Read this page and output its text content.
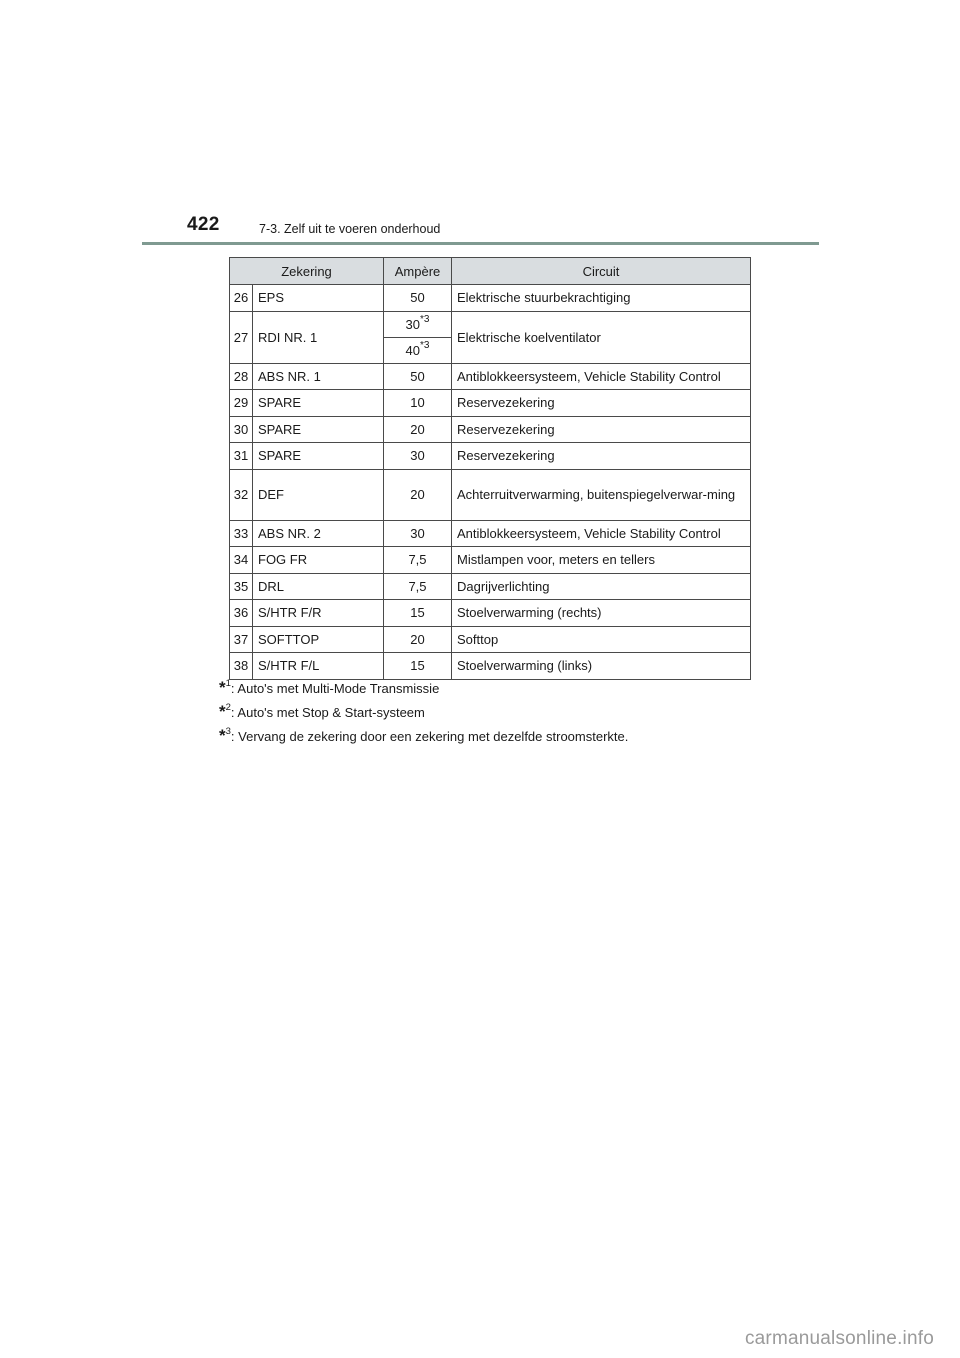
422	7-3. Zelf uit te voeren onderhoud
Zekering		Ampère	Circuit
26	EPS	50	Elektrische stuurbekrachtiging
27	RDI NR. 1	30$^{*3}$	Elektrische koelventilator
		40$^{*3}$
28	ABS NR. 1	50	Antiblokkeersysteem, Vehicle Stability Control
29	SPARE	10	Reservezekering
30	SPARE	20	Reservezekering
31	SPARE	30	Reservezekering
32	DEF	20	Achterruitverwarming, buitenspiegelverwar-ming
33	ABS NR. 2	30	Antiblokkeersysteem, Vehicle Stability Control
34	FOG FR	7,5	Mistlampen voor, meters en tellers
35	DRL	7,5	Dagrijverlichting
36	S/HTR F/R	15	Stoelverwarming (rechts)
37	SOFTTOP	20	Softtop
38	S/HTR F/L	15	Stoelverwarming (links)
*$^1$: Auto's met Multi-Mode Transmissie
*$^2$: Auto's met Stop & Start-systeem
*$^3$: Vervang de zekering door een zekering met dezelfde stroomsterkte.
carmanualsonline.info
